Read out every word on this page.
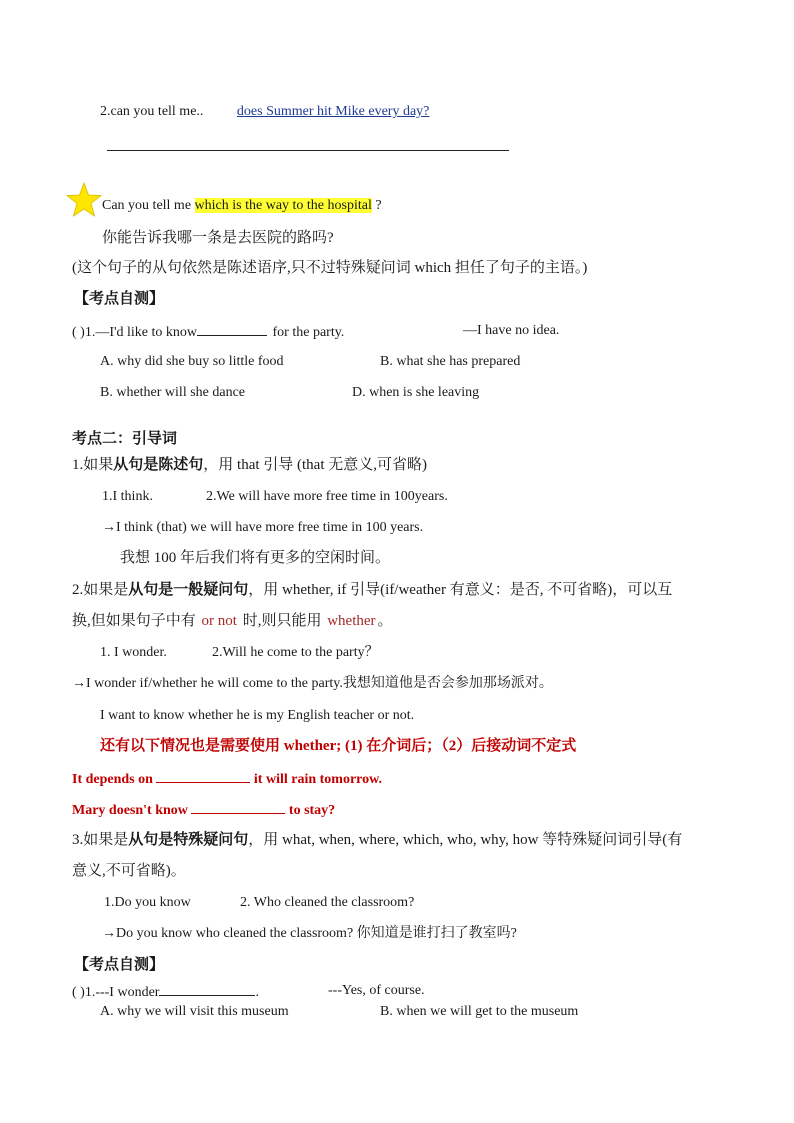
2.can you tell me.. does Summer hit Mike every day?
Can you tell me which is the way to the hospital ?
你能告诉我哪一条是去医院的路吗?
(这个句子的从句依然是陈述语序,只不过特殊疑问词 which 担任了句子的主语。)
【考点自测】
( )1.—I'd like to know	for the party.	—I have no idea.
A. why did she buy so little food	B. what she has prepared
B. whether will she dance	D. when is she leaving
考点二：引导词
1.如果从句是陈述句，用 that 引导 (that 无意义,可省略)
1.I think.	2.We will have more free time in 100years.
→I think (that) we will have more free time in 100 years.
我想 100 年后我们将有更多的空闲时间。
2.如果是从句是一般疑问句，用 whether, if 引导(if/weather 有意义：是否, 不可省略)，可以互
换,但如果句子中有 or not 时,则只能用 whether 。
1. I wonder.	2.Will he come to the party？
→I wonder if/whether he will come to the party.我想知道他是否会参加那场派对。
I want to know whether he is my English teacher or not.
还有以下情况也是需要使用 whether; (1) 在介词后；（2）后接动词不定式
It depends on	it will rain tomorrow.
Mary doesn't know	to stay?
3.如果是从句是特殊疑问句，用 what, when, where, which, who, why, how 等特殊疑问词引导(有
意义,不可省略)。
1.Do you know	2. Who cleaned the classroom?
→Do you know who cleaned the classroom? 你知道是谁打扫了教室吗?
【考点自测】
( )1.---I wonder	.	---Yes, of course.
A. why we will visit this museum	B. when we will get to the museum
